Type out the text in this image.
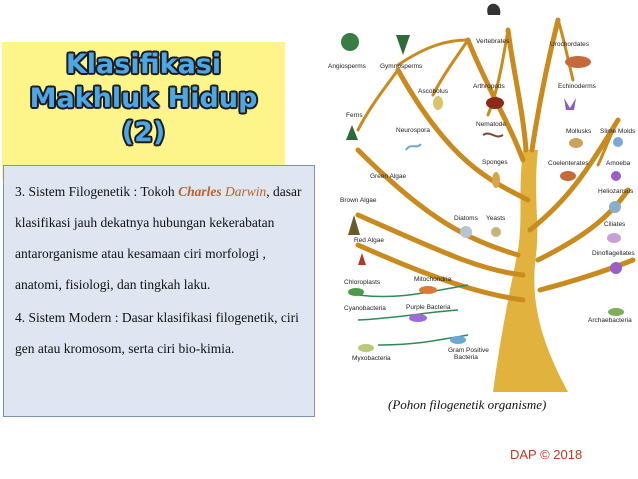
Klasifikasi
Makhluk Hidup
(2)

3. Sistem Filogenetik : Tokoh Charles Darwin, dasar klasifikasi jauh dekatnya hubungan kekerabatan antarorganisme atau kesamaan ciri morfologi , anatomi, fisiologi, dan tingkah laku.

4. Sistem Modern : Dasar klasifikasi filogenetik, ciri gen atau kromosom, serta ciri bio-kimia.

Angiosperms Gymnosperms
Vertebrates	Urochordates
Ascobolus
Arthropods	Echinoderms
Ferns
Neurospora
Nematode
Mollusks Slime Molds
Green Algae
Sponges	Coelenterates	Amoeba
Heliozansus
Brown Algae
Diatoms Yeasts
Ciliates
Red Algae
Dinoflagellates
Chloroplasts	Mitochondria
Cyanobacteria	Purple Bacteria
Archaebacteria
Myxobacteria
Gram Positive
Bacteria
(Pohon filogenetik organisme)
DAP © 2018
